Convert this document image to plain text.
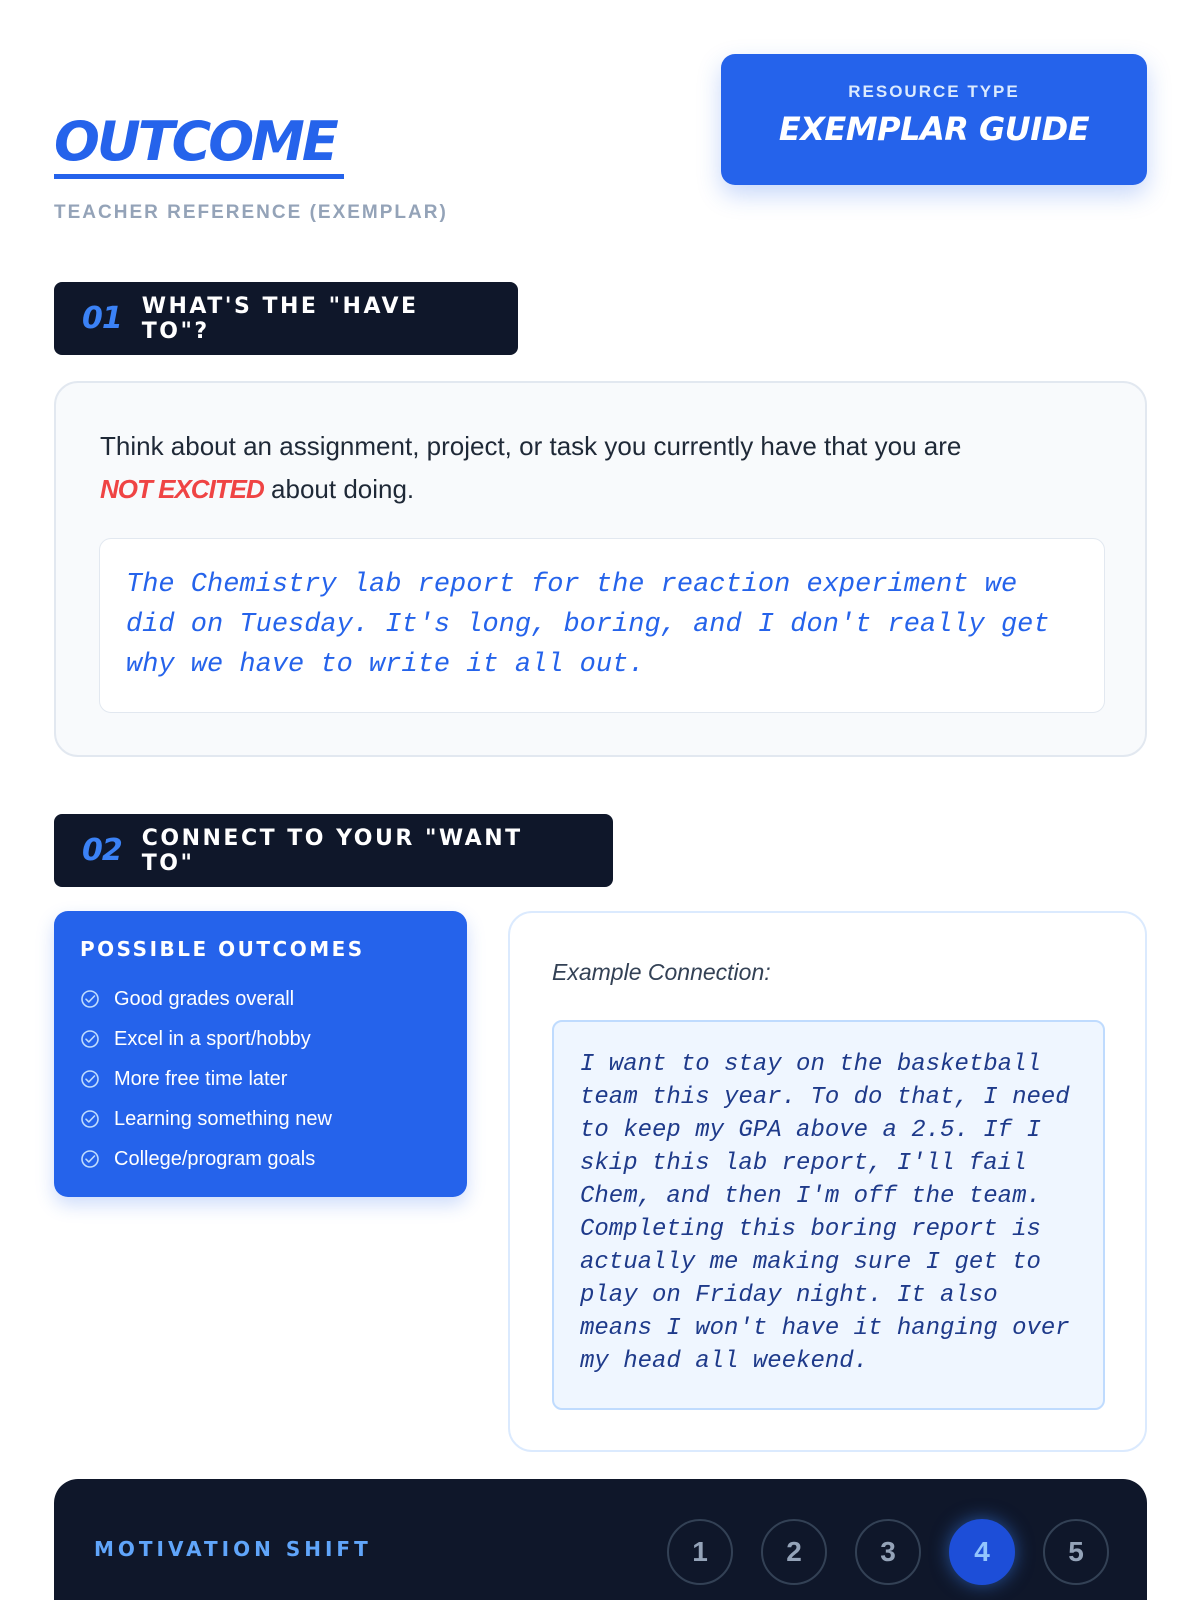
OUTCOME
TEACHER REFERENCE (EXEMPLAR)
RESOURCE TYPE
EXEMPLAR GUIDE
01 WHAT'S THE "HAVE TO"?
Think about an assignment, project, or task you currently have that you are
NOT EXCITED about doing.
The Chemistry lab report for the reaction experiment we did on Tuesday. It's long, boring, and I don't really get why we have to write it all out.
02 CONNECT TO YOUR "WANT TO"
POSSIBLE OUTCOMES
Good grades overall
Excel in a sport/hobby
More free time later
Learning something new
College/program goals
Example Connection:
I want to stay on the basketball team this year. To do that, I need to keep my GPA above a 2.5. If I skip this lab report, I'll fail Chem, and then I'm off the team. Completing this boring report is actually me making sure I get to play on Friday night. It also means I won't have it hanging over my head all weekend.
MOTIVATION SHIFT	1	2	3	4	5
